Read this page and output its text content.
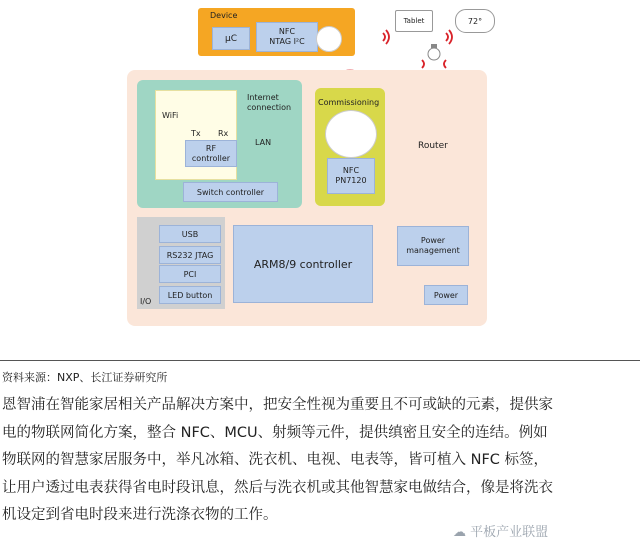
Device
μC
NFC
NTAG I²C
Tablet	72°
Router
Internet
connection
WiFi
Tx Rx
RF
controller
LAN
Switch controller
Commissioning
NFC
PN7120
USB
RS232 JTAG
PCI
LED button
I/O
ARM8/9 controller
Power
management
Power
资料来源：NXP、长江证券研究所

恩智浦在智能家居相关产品解决方案中，把安全性视为重要且不可或缺的元素，提供家

电的物联网简化方案，整合 NFC、MCU、射频等元件，提供缜密且安全的连结。例如

物联网的智慧家居服务中，举凡冰箱、洗衣机、电视、电表等，皆可植入 NFC 标签，

让用户透过电表获得省电时段讯息，然后与洗衣机或其他智慧家电做结合，像是将洗衣

机设定到省电时段来进行洗涤衣物的工作。

☁ 平板产业联盟
